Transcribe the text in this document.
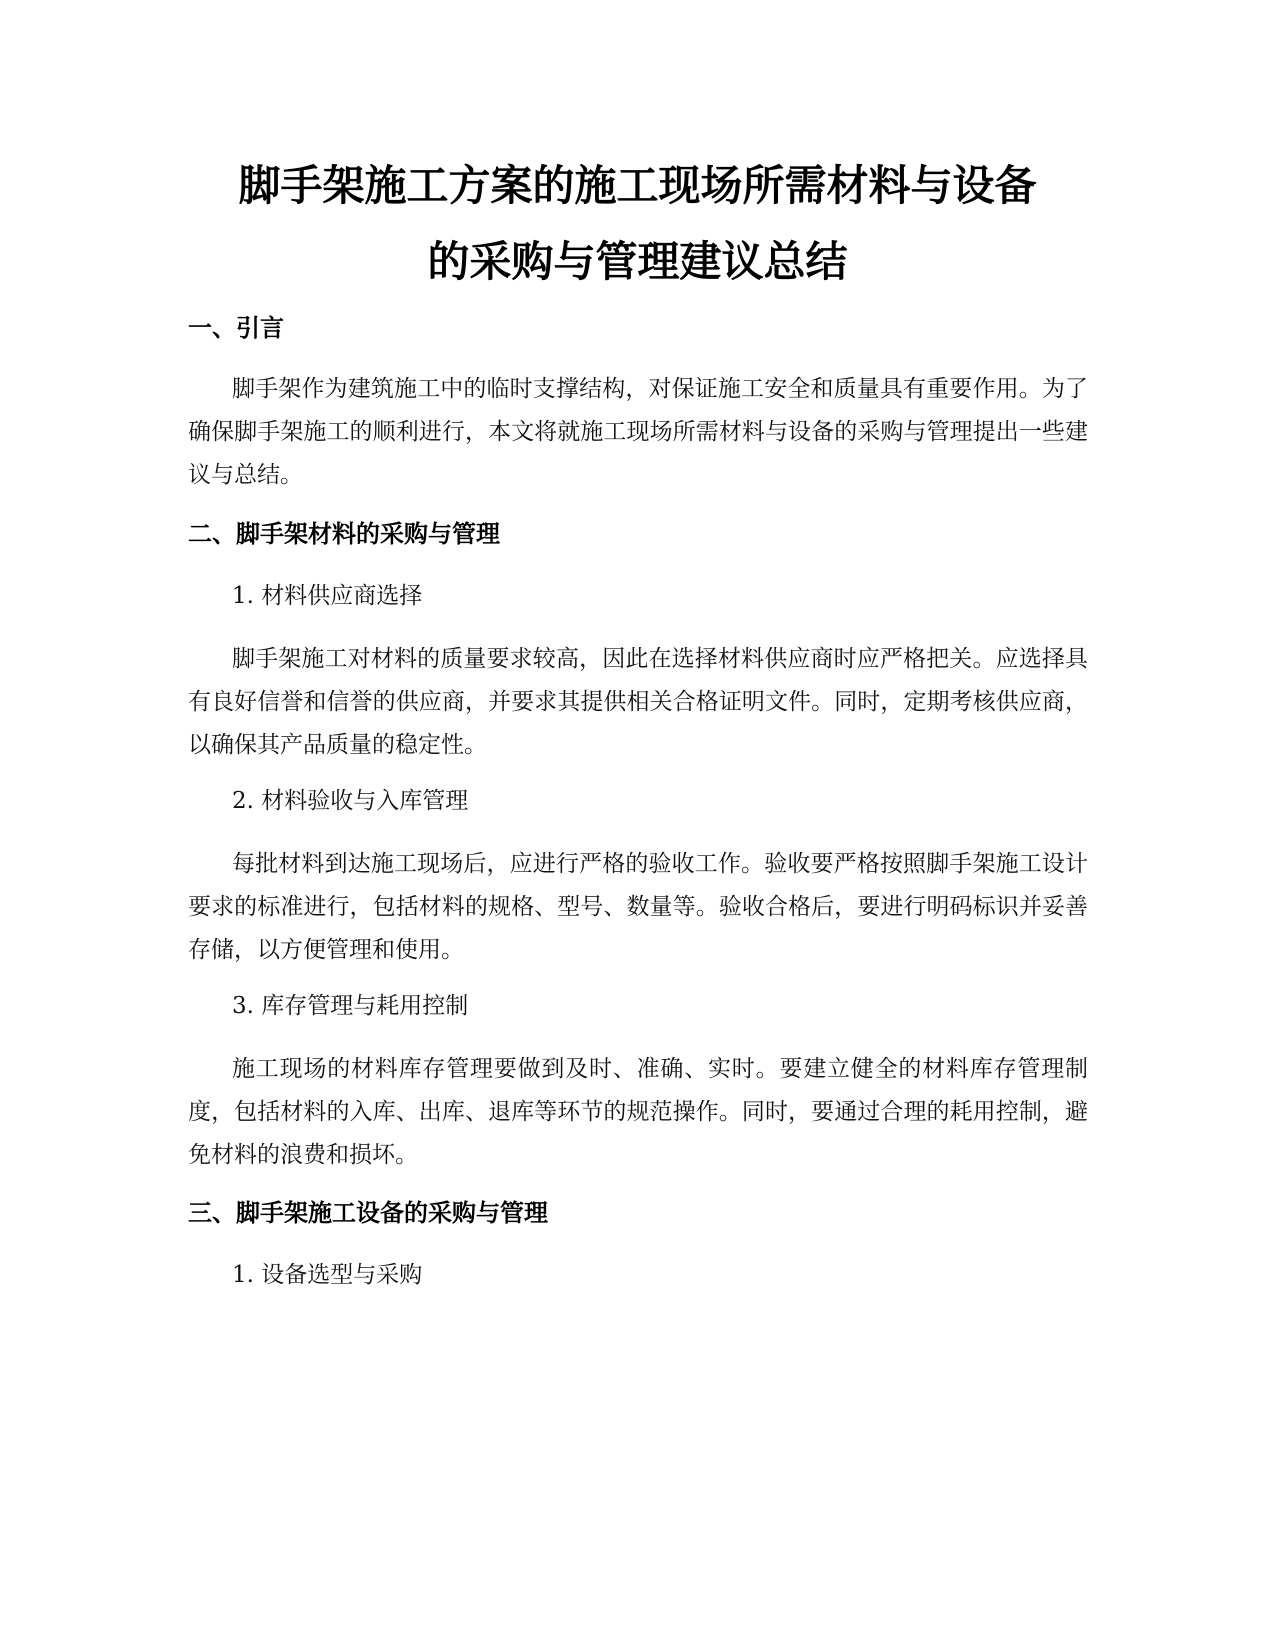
脚手架施工方案的施工现场所需材料与设备
的采购与管理建议总结
一、引言

脚手架作为建筑施工中的临时支撑结构，对保证施工安全和质量具有重要作用。为了确保脚手架施工的顺利进行，本文将就施工现场所需材料与设备的采购与管理提出一些建议与总结。

二、脚手架材料的采购与管理
1. 材料供应商选择

脚手架施工对材料的质量要求较高，因此在选择材料供应商时应严格把关。应选择具有良好信誉和信誉的供应商，并要求其提供相关合格证明文件。同时，定期考核供应商，以确保其产品质量的稳定性。

2. 材料验收与入库管理

每批材料到达施工现场后，应进行严格的验收工作。验收要严格按照脚手架施工设计要求的标准进行，包括材料的规格、型号、数量等。验收合格后，要进行明码标识并妥善存储，以方便管理和使用。

3. 库存管理与耗用控制

施工现场的材料库存管理要做到及时、准确、实时。要建立健全的材料库存管理制度，包括材料的入库、出库、退库等环节的规范操作。同时，要通过合理的耗用控制，避免材料的浪费和损坏。

三、脚手架施工设备的采购与管理
1. 设备选型与采购
